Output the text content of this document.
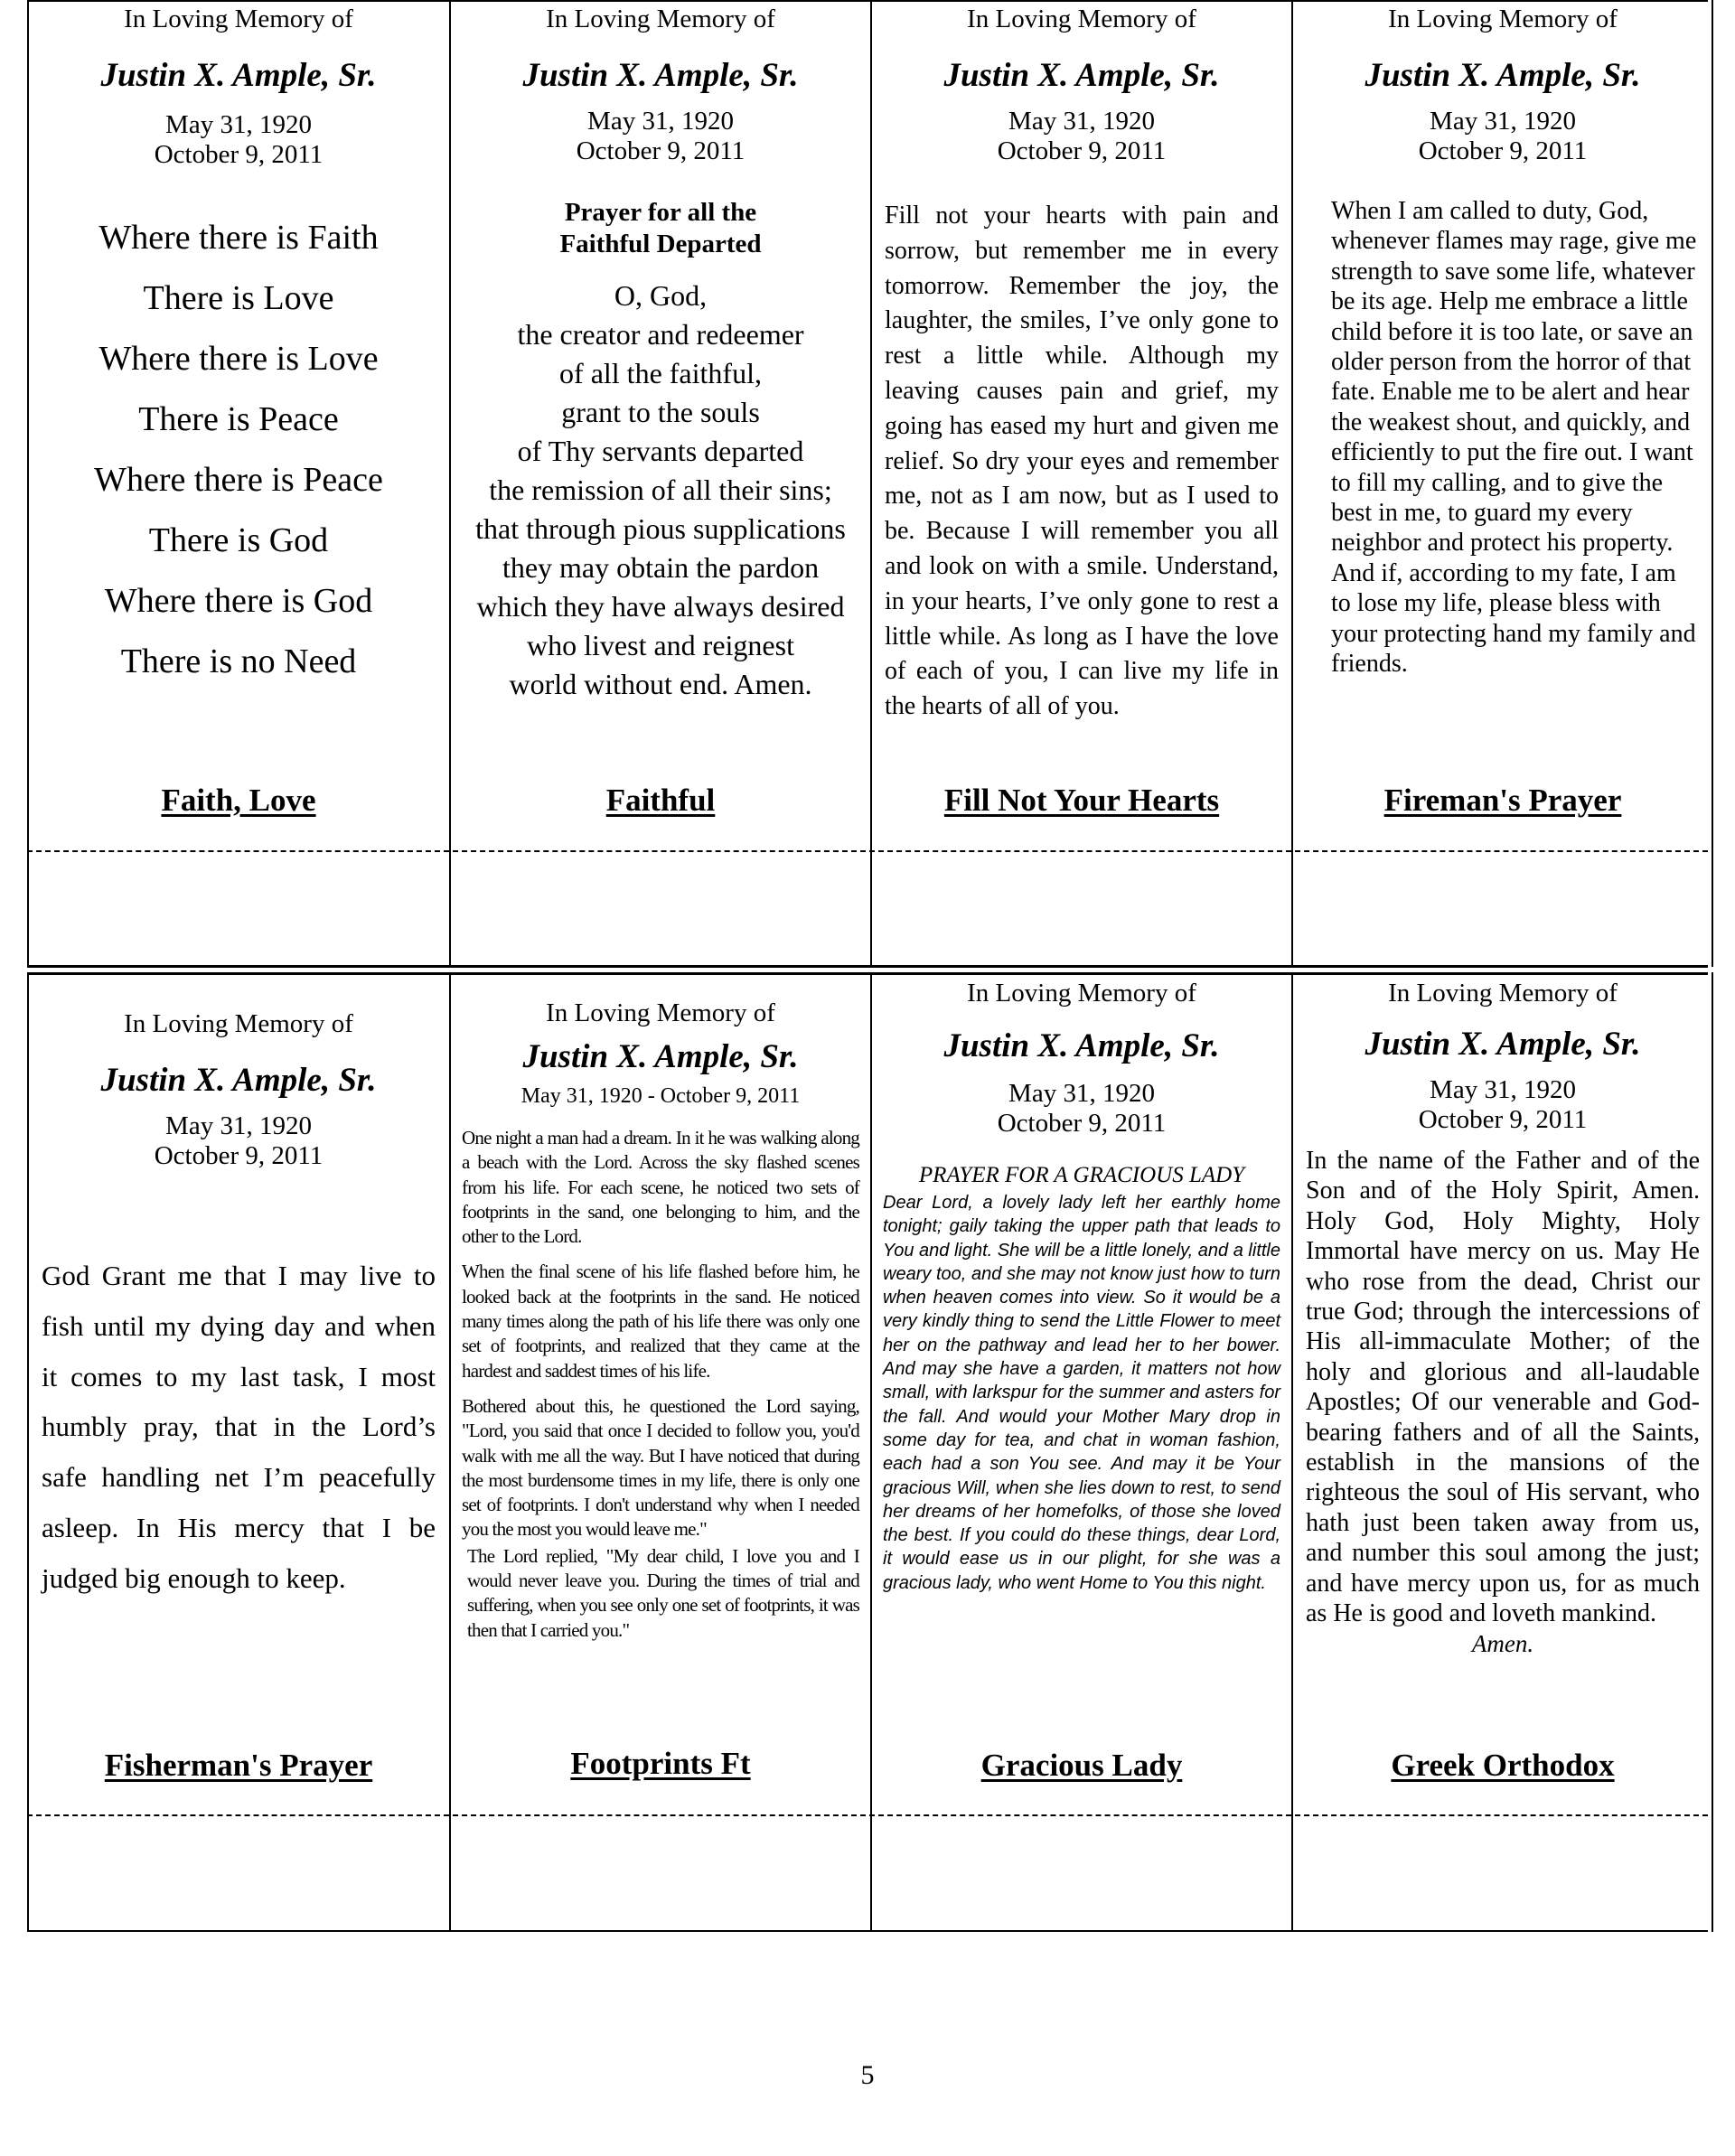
In Loving Memory of
Justin X. Ample, Sr.
May 31, 1920
October 9, 2011
Where there is Faith
There is Love
Where there is Love
There is Peace
Where there is Peace
There is God
Where there is God
There is no Need
Faith, Love
In Loving Memory of
Justin X. Ample, Sr.
May 31, 1920
October 9, 2011
Prayer for all the
Faithful Departed
O, God,
the creator and redeemer
of all the faithful,
grant to the souls
of Thy servants departed
the remission of all their sins;
that through pious supplications
they may obtain the pardon
which they have always desired
who livest and reignest
world without end. Amen.
Faithful
In Loving Memory of
Justin X. Ample, Sr.
May 31, 1920
October 9, 2011
Fill not your hearts with pain and sorrow, but remember me in every tomorrow. Remember the joy, the laughter, the smiles, I’ve only gone to rest a little while. Although my leaving causes pain and grief, my going has eased my hurt and given me relief. So dry your eyes and remember me, not as I am now, but as I used to be. Because I will remember you all and look on with a smile. Understand, in your hearts, I’ve only gone to rest a little while. As long as I have the love of each of you, I can live my life in the hearts of all of you.
Fill Not Your Hearts
In Loving Memory of
Justin X. Ample, Sr.
May 31, 1920
October 9, 2011
When I am called to duty, God, whenever flames may rage, give me strength to save some life, whatever be its age. Help me embrace a little child before it is too late, or save an older person from the horror of that fate. Enable me to be alert and hear the weakest shout, and quickly, and efficiently to put the fire out. I want to fill my calling, and to give the best in me, to guard my every neighbor and protect his property. And if, according to my fate, I am to lose my life, please bless with your protecting hand my family and friends.
Fireman's Prayer
In Loving Memory of
Justin X. Ample, Sr.
May 31, 1920
October 9, 2011
God Grant me that I may live to fish until my dying day and when it comes to my last task, I most humbly pray, that in the Lord’s safe handling net I’m peacefully asleep. In His mercy that I be judged big enough to keep.
Fisherman's Prayer
In Loving Memory of
Justin X. Ample, Sr.
May 31, 1920 - October 9, 2011

One night a man had a dream. In it he was walking along a beach with the Lord. Across the sky flashed scenes from his life. For each scene, he noticed two sets of footprints in the sand, one belonging to him, and the other to the Lord.

When the final scene of his life flashed before him, he looked back at the footprints in the sand. He noticed many times along the path of his life there was only one set of footprints, and realized that they came at the hardest and saddest times of his life.

Bothered about this, he questioned the Lord saying, "Lord, you said that once I decided to follow you, you'd walk with me all the way. But I have noticed that during the most burdensome times in my life, there is only one set of footprints. I don't understand why when I needed you the most you would leave me."

The Lord replied, "My dear child, I love you and I would never leave you. During the times of trial and suffering, when you see only one set of footprints, it was then that I carried you."

Footprints Ft
In Loving Memory of
Justin X. Ample, Sr.
May 31, 1920
October 9, 2011
PRAYER FOR A GRACIOUS LADY
Dear Lord, a lovely lady left her earthly home tonight; gaily taking the upper path that leads to You and light. She will be a little lonely, and a little weary too, and she may not know just how to turn when heaven comes into view. So it would be a very kindly thing to send the Little Flower to meet her on the pathway and lead her to her bower. And may she have a garden, it matters not how small, with larkspur for the summer and asters for the fall. And would your Mother Mary drop in some day for tea, and chat in woman fashion, each had a son You see. And may it be Your gracious Will, when she lies down to rest, to send her dreams of her homefolks, of those she loved the best. If you could do these things, dear Lord, it would ease us in our plight, for she was a gracious lady, who went Home to You this night.
Gracious Lady
In Loving Memory of
Justin X. Ample, Sr.
May 31, 1920
October 9, 2011
In the name of the Father and of the Son and of the Holy Spirit, Amen. Holy God, Holy Mighty, Holy Immortal have mercy on us. May He who rose from the dead, Christ our true God; through the intercessions of His all-immaculate Mother; of the holy and glorious and all-laudable Apostles; Of our venerable and God-bearing fathers and of all the Saints, establish in the mansions of the righteous the soul of His servant, who hath just been taken away from us, and number this soul among the just; and have mercy upon us, for as much as He is good and loveth mankind.
Amen.
Greek Orthodox
5
